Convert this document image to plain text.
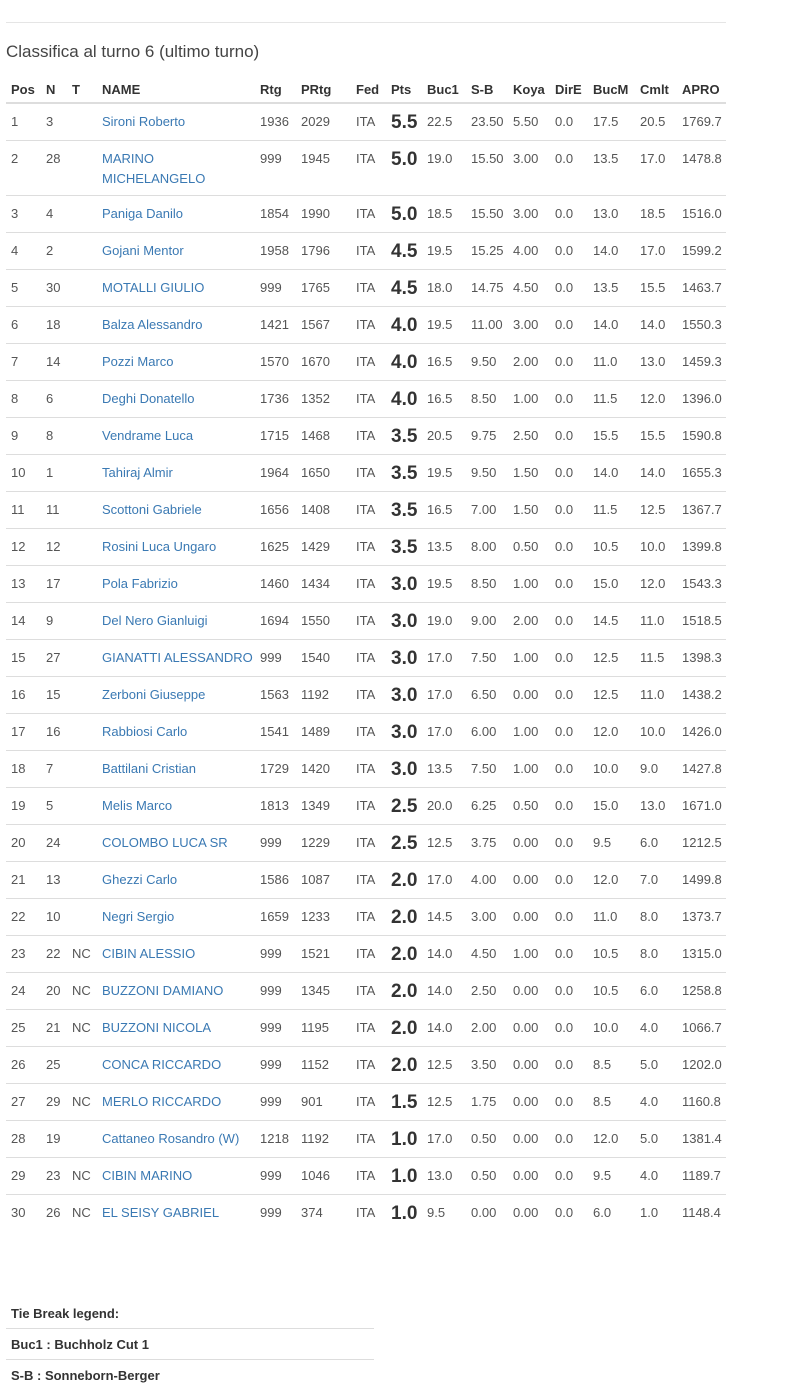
Classifica al turno 6 (ultimo turno)
Pos	N	T	NAME	Rtg	PRtg	Fed	Pts	Buc1	S-B	Koya	DirE	BucM	Cmlt	APRO
1	3		Sironi Roberto	1936	2029	ITA	5.5	22.5	23.50	5.50	0.0	17.5	20.5	1769.7
2	28		MARINO MICHELANGELO	999	1945	ITA	5.0	19.0	15.50	3.00	0.0	13.5	17.0	1478.8
3	4		Paniga Danilo	1854	1990	ITA	5.0	18.5	15.50	3.00	0.0	13.0	18.5	1516.0
4	2		Gojani Mentor	1958	1796	ITA	4.5	19.5	15.25	4.00	0.0	14.0	17.0	1599.2
5	30		MOTALLI GIULIO	999	1765	ITA	4.5	18.0	14.75	4.50	0.0	13.5	15.5	1463.7
6	18		Balza Alessandro	1421	1567	ITA	4.0	19.5	11.00	3.00	0.0	14.0	14.0	1550.3
7	14		Pozzi Marco	1570	1670	ITA	4.0	16.5	9.50	2.00	0.0	11.0	13.0	1459.3
8	6		Deghi Donatello	1736	1352	ITA	4.0	16.5	8.50	1.00	0.0	11.5	12.0	1396.0
9	8		Vendrame Luca	1715	1468	ITA	3.5	20.5	9.75	2.50	0.0	15.5	15.5	1590.8
10	1		Tahiraj Almir	1964	1650	ITA	3.5	19.5	9.50	1.50	0.0	14.0	14.0	1655.3
11	11		Scottoni Gabriele	1656	1408	ITA	3.5	16.5	7.00	1.50	0.0	11.5	12.5	1367.7
12	12		Rosini Luca Ungaro	1625	1429	ITA	3.5	13.5	8.00	0.50	0.0	10.5	10.0	1399.8
13	17		Pola Fabrizio	1460	1434	ITA	3.0	19.5	8.50	1.00	0.0	15.0	12.0	1543.3
14	9		Del Nero Gianluigi	1694	1550	ITA	3.0	19.0	9.00	2.00	0.0	14.5	11.0	1518.5
15	27		GIANATTI ALESSANDRO	999	1540	ITA	3.0	17.0	7.50	1.00	0.0	12.5	11.5	1398.3
16	15		Zerboni Giuseppe	1563	1192	ITA	3.0	17.0	6.50	0.00	0.0	12.5	11.0	1438.2
17	16		Rabbiosi Carlo	1541	1489	ITA	3.0	17.0	6.00	1.00	0.0	12.0	10.0	1426.0
18	7		Battilani Cristian	1729	1420	ITA	3.0	13.5	7.50	1.00	0.0	10.0	9.0	1427.8
19	5		Melis Marco	1813	1349	ITA	2.5	20.0	6.25	0.50	0.0	15.0	13.0	1671.0
20	24		COLOMBO LUCA SR	999	1229	ITA	2.5	12.5	3.75	0.00	0.0	9.5	6.0	1212.5
21	13		Ghezzi Carlo	1586	1087	ITA	2.0	17.0	4.00	0.00	0.0	12.0	7.0	1499.8
22	10		Negri Sergio	1659	1233	ITA	2.0	14.5	3.00	0.00	0.0	11.0	8.0	1373.7
23	22	NC	CIBIN ALESSIO	999	1521	ITA	2.0	14.0	4.50	1.00	0.0	10.5	8.0	1315.0
24	20	NC	BUZZONI DAMIANO	999	1345	ITA	2.0	14.0	2.50	0.00	0.0	10.5	6.0	1258.8
25	21	NC	BUZZONI NICOLA	999	1195	ITA	2.0	14.0	2.00	0.00	0.0	10.0	4.0	1066.7
26	25		CONCA RICCARDO	999	1152	ITA	2.0	12.5	3.50	0.00	0.0	8.5	5.0	1202.0
27	29	NC	MERLO RICCARDO	999	901	ITA	1.5	12.5	1.75	0.00	0.0	8.5	4.0	1160.8
28	19		Cattaneo Rosandro (W)	1218	1192	ITA	1.0	17.0	0.50	0.00	0.0	12.0	5.0	1381.4
29	23	NC	CIBIN MARINO	999	1046	ITA	1.0	13.0	0.50	0.00	0.0	9.5	4.0	1189.7
30	26	NC	EL SEISY GABRIEL	999	374	ITA	1.0	9.5	0.00	0.00	0.0	6.0	1.0	1148.4
Tie Break legend:
Buc1 : Buchholz Cut 1
S-B : Sonneborn-Berger
